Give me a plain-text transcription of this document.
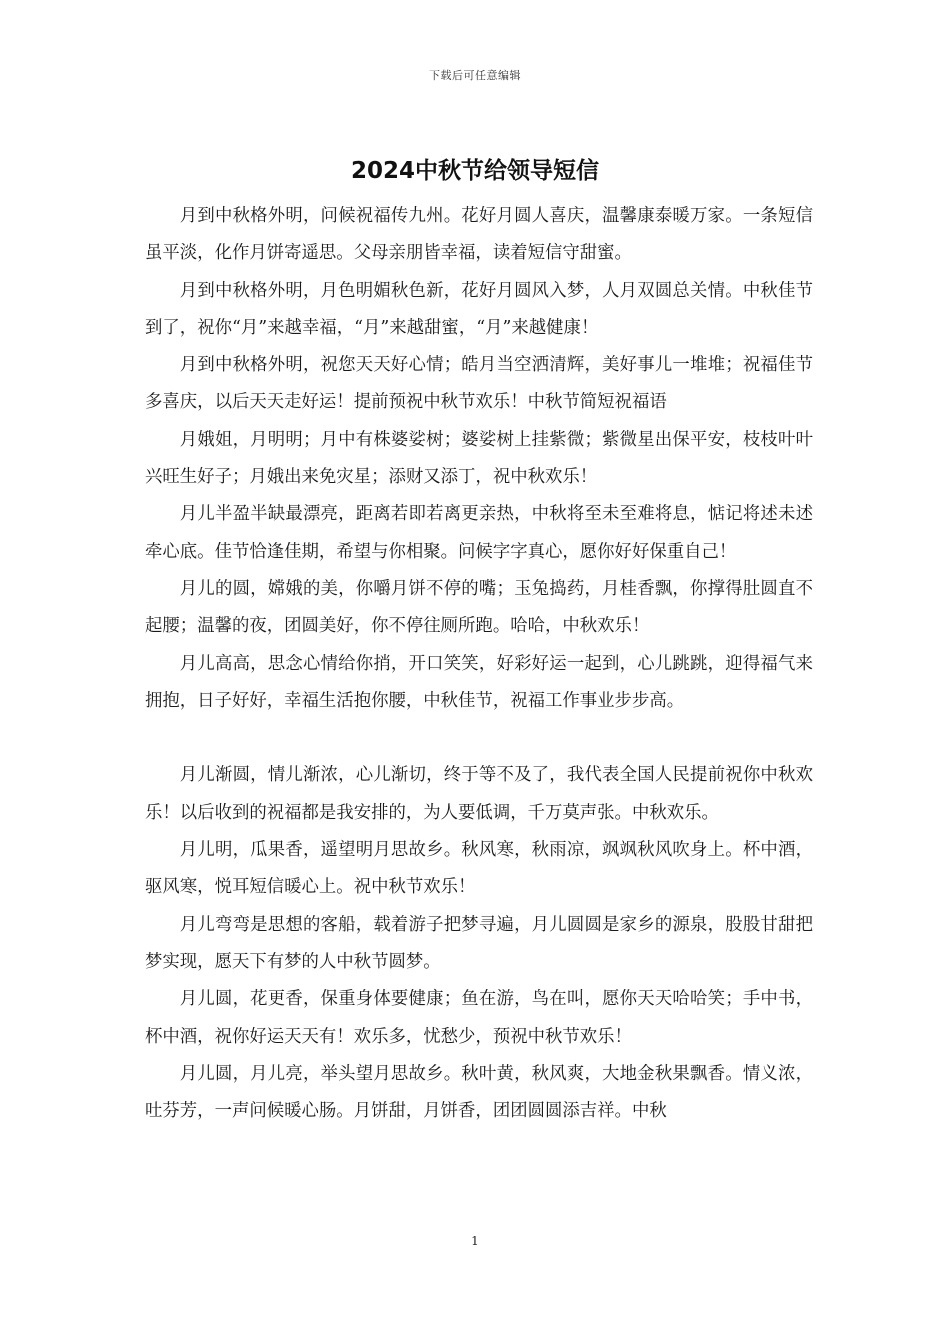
下载后可任意编辑
2024中秋节给领导短信

月到中秋格外明，问候祝福传九州。花好月圆人喜庆，温馨康泰暖万家。一条短信虽平淡，化作月饼寄遥思。父母亲朋皆幸福，读着短信守甜蜜。

月到中秋格外明，月色明媚秋色新，花好月圆风入梦，人月双圆总关情。中秋佳节到了，祝你“月”来越幸福，“月”来越甜蜜，“月”来越健康！

月到中秋格外明，祝您天天好心情；皓月当空洒清辉，美好事儿一堆堆；祝福佳节多喜庆，以后天天走好运！提前预祝中秋节欢乐！中秋节简短祝福语

月娥姐，月明明；月中有株婆娑树；婆娑树上挂紫微；紫微星出保平安，枝枝叶叶兴旺生好子；月娥出来免灾星；添财又添丁，祝中秋欢乐！

月儿半盈半缺最漂亮，距离若即若离更亲热，中秋将至未至难将息，惦记将述未述牵心底。佳节恰逢佳期，希望与你相聚。问候字字真心，愿你好好保重自己！

月儿的圆，嫦娥的美，你嚼月饼不停的嘴；玉兔捣药，月桂香飘，你撑得肚圆直不起腰；温馨的夜，团圆美好，你不停往厕所跑。哈哈，中秋欢乐！

月儿高高，思念心情给你捎，开口笑笑，好彩好运一起到，心儿跳跳，迎得福气来拥抱，日子好好，幸福生活抱你腰，中秋佳节，祝福工作事业步步高。

月儿渐圆，情儿渐浓，心儿渐切，终于等不及了，我代表全国人民提前祝你中秋欢乐！以后收到的祝福都是我安排的，为人要低调，千万莫声张。中秋欢乐。

月儿明，瓜果香，遥望明月思故乡。秋风寒，秋雨凉，飒飒秋风吹身上。杯中酒，驱风寒，悦耳短信暖心上。祝中秋节欢乐！

月儿弯弯是思想的客船，载着游子把梦寻遍，月儿圆圆是家乡的源泉，股股甘甜把梦实现，愿天下有梦的人中秋节圆梦。

月儿圆，花更香，保重身体要健康；鱼在游，鸟在叫，愿你天天哈哈笑；手中书，杯中酒，祝你好运天天有！欢乐多，忧愁少，预祝中秋节欢乐！

月儿圆，月儿亮，举头望月思故乡。秋叶黄，秋风爽，大地金秋果飘香。情义浓，吐芬芳，一声问候暖心肠。月饼甜，月饼香，团团圆圆添吉祥。中秋

1
